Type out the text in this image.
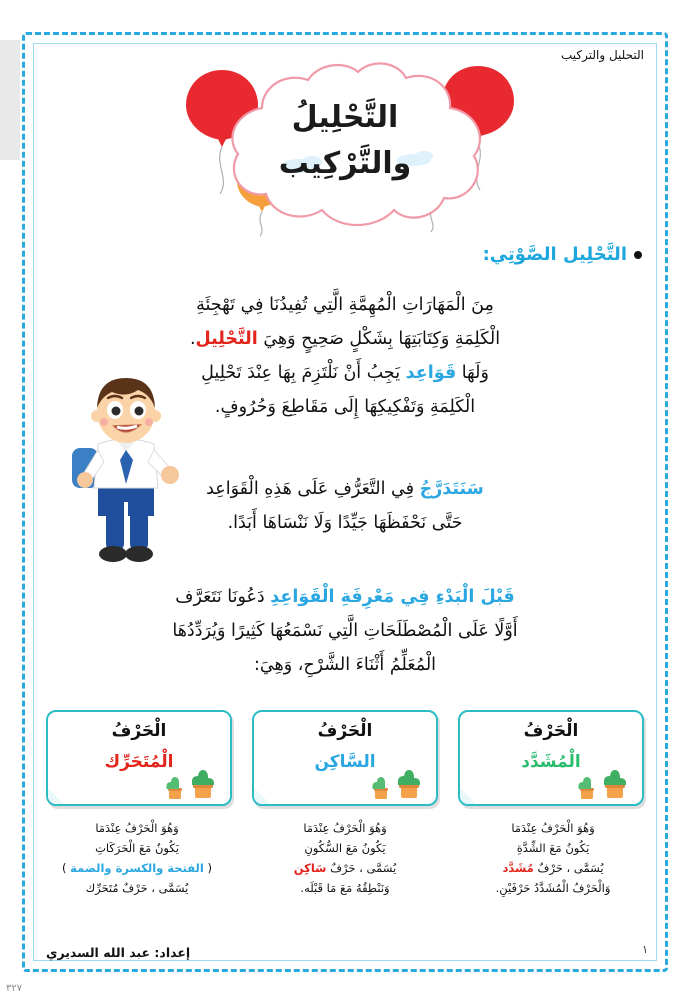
التحليل والتركيب
التَّحْلِيلُ
والتَّرْكِيب
التَّحْلِيل الصَّوْتِي:
مِنَ الْمَهَارَاتِ الْمُهِمَّةِ الَّتِي تُفِيدُنَا فِي تَهْجِئَةِ
الْكَلِمَةِ وَكِتَابَتِهَا بِشَكْلٍ صَحِيحٍ وَهِيَ التَّحْلِيل.
وَلَهَا قَوَاعِد يَجِبُ أَنْ نَلْتَزِمَ بِهَا عِنْدَ تَحْلِيلِ
الْكَلِمَةِ وَتَفْكِيكِهَا إِلَى مَقَاطِعَ وَحُرُوفٍ.
سَنَتَدَرَّجُ فِي التَّعَرُّفِ عَلَى هَذِهِ الْقَوَاعِد
حَتَّى نَحْفَظَهَا جَيِّدًا وَلَا نَنْسَاهَا أَبَدًا.
قَبْلَ الْبَدْءِ فِي مَعْرِفَةِ الْقَوَاعِدِ دَعُونَا نَتَعَرَّف
أَوَّلًا عَلَى الْمُصْطَلَحَاتِ الَّتِي نَسْمَعُهَا كَثِيرًا وَيُرَدِّدُهَا
الْمُعَلِّمُ أَثْنَاءَ الشَّرْحِ، وَهِيَ:
الْحَرْفُ
الْمُتَحَرِّك
الْحَرْفُ
السَّاكِن
الْحَرْفُ
الْمُشَدَّد
وَهُوَ الْحَرْفُ عِنْدَمَا
يَكُونُ مَعَ الْحَرَكَاتِ
( الفتحة والكسرة والضمة )
يُسَمَّى ، حَرْفٌ مُتَحَرِّك
وَهُوَ الْحَرْفُ عِنْدَمَا
يَكُونُ مَعَ السُّكُونِ
يُسَمَّى ، حَرْفٌ سَاكِن
وَنَنْطِقُهُ مَعَ مَا قَبْلَه.
وَهُوَ الْحَرْفُ عِنْدَمَا
يَكُونُ مَعَ الشِّدَّةِ
يُسَمَّى ، حَرْفٌ مُشَدَّد
وَالْحَرْفُ الْمُشَدَّدُ حَرْفَيْنِ.
١
إعداد: عبد الله السديري
٣٢٧
